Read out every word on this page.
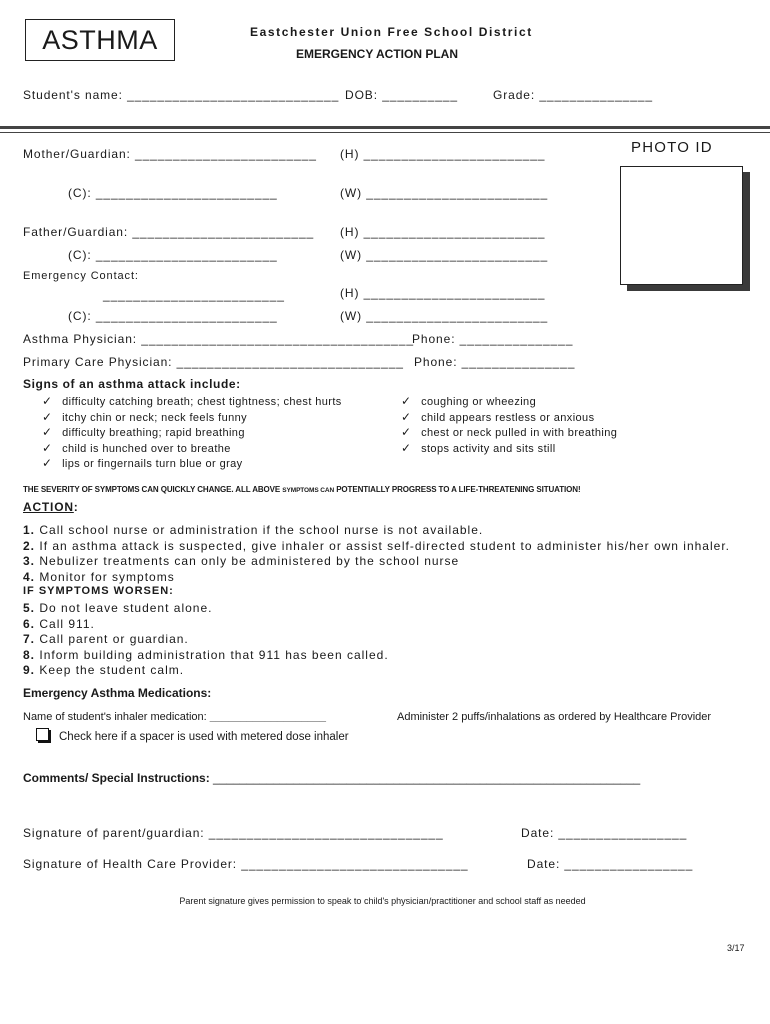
ASTHMA	Eastchester Union Free School District
EMERGENCY ACTION PLAN
Student's name: ____________________________ DOB: __________	Grade: _______________
PHOTO ID
Mother/Guardian: ________________________ (H) ________________________
(C): ________________________	(W) ________________________
Father/Guardian: ________________________ (H) ________________________
(C): ________________________	(W) ________________________
Emergency Contact:
________________________	(H) ________________________
(C): ________________________	(W) ________________________
Asthma Physician: ____________________________________
Phone: _______________
Primary Care Physician: ______________________________ Phone: _______________
Signs of an asthma attack include:
✓ difficulty catching breath; chest tightness; chest hurts
✓ itchy chin or neck; neck feels funny
✓ difficulty breathing; rapid breathing
✓ child is hunched over to breathe
✓ lips or fingernails turn blue or gray
✓ coughing or wheezing
✓ child appears restless or anxious
✓ chest or neck pulled in with breathing
✓ stops activity and sits still
THE SEVERITY OF SYMPTOMS CAN QUICKLY CHANGE. ALL ABOVE SYMPTOMS CAN POTENTIALLY PROGRESS TO A LIFE-THREATENING SITUATION!
ACTION:
1. Call school nurse or administration if the school nurse is not available.
2. If an asthma attack is suspected, give inhaler or assist self-directed student to administer his/her own inhaler.
3. Nebulizer treatments can only be administered by the school nurse
4. Monitor for symptoms
IF SYMPTOMS WORSEN:
5. Do not leave student alone.
6. Call 911.
7. Call parent or guardian.
8. Inform building administration that 911 has been called.
9. Keep the student calm.
Emergency Asthma Medications:
Name of student's inhaler medication: ___________________	Administer 2 puffs/inhalations as ordered by Healthcare Provider
Check here if a spacer is used with metered dose inhaler
Comments/ Special Instructions: ________________________________________________________________
Signature of parent/guardian: _______________________________	Date: _________________
Signature of Health Care Provider: ______________________________	Date: _________________
Parent signature gives permission to speak to child's physician/practitioner and school staff as needed
3/17
